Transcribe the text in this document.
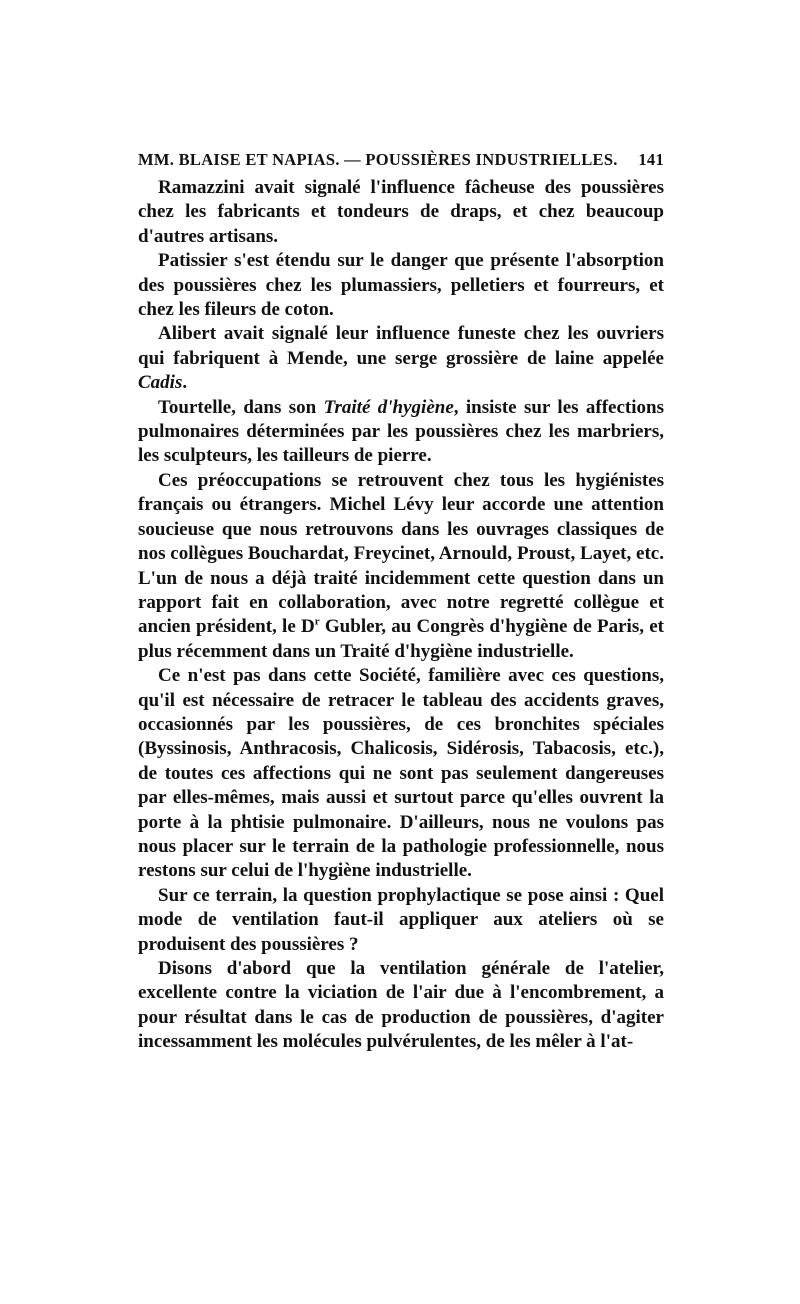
MM. BLAISE ET NAPIAS. — POUSSIÈRES INDUSTRIELLES. 141

Ramazzini avait signalé l'influence fâcheuse des poussières chez les fabricants et tondeurs de draps, et chez beaucoup d'autres artisans.

Patissier s'est étendu sur le danger que présente l'absorption des poussières chez les plumassiers, pelletiers et fourreurs, et chez les fileurs de coton.

Alibert avait signalé leur influence funeste chez les ouvriers qui fabriquent à Mende, une serge grossière de laine appelée Cadis.

Tourtelle, dans son Traité d'hygiène, insiste sur les affections pulmonaires déterminées par les poussières chez les marbriers, les sculpteurs, les tailleurs de pierre.

Ces préoccupations se retrouvent chez tous les hygiénistes français ou étrangers. Michel Lévy leur accorde une attention soucieuse que nous retrouvons dans les ouvrages classiques de nos collègues Bouchardat, Freycinet, Arnould, Proust, Layet, etc. L'un de nous a déjà traité incidemment cette question dans un rapport fait en collaboration, avec notre regretté collègue et ancien président, le $D^r$ Gubler, au Congrès d'hygiène de Paris, et plus récemment dans un Traité d'hygiène industrielle.

Ce n'est pas dans cette Société, familière avec ces questions, qu'il est nécessaire de retracer le tableau des accidents graves, occasionnés par les poussières, de ces bronchites spéciales (Byssinosis, Anthracosis, Chalicosis, Sidérosis, Tabacosis, etc.), de toutes ces affections qui ne sont pas seulement dangereuses par elles-mêmes, mais aussi et surtout parce qu'elles ouvrent la porte à la phtisie pulmonaire. D'ailleurs, nous ne voulons pas nous placer sur le terrain de la pathologie professionnelle, nous restons sur celui de l'hygiène industrielle.

Sur ce terrain, la question prophylactique se pose ainsi : Quel mode de ventilation faut-il appliquer aux ateliers où se produisent des poussières ?

Disons d'abord que la ventilation générale de l'atelier, excellente contre la viciation de l'air due à l'encombrement, a pour résultat dans le cas de production de poussières, d'agiter incessamment les molécules pulvérulentes, de les mêler à l'at-
